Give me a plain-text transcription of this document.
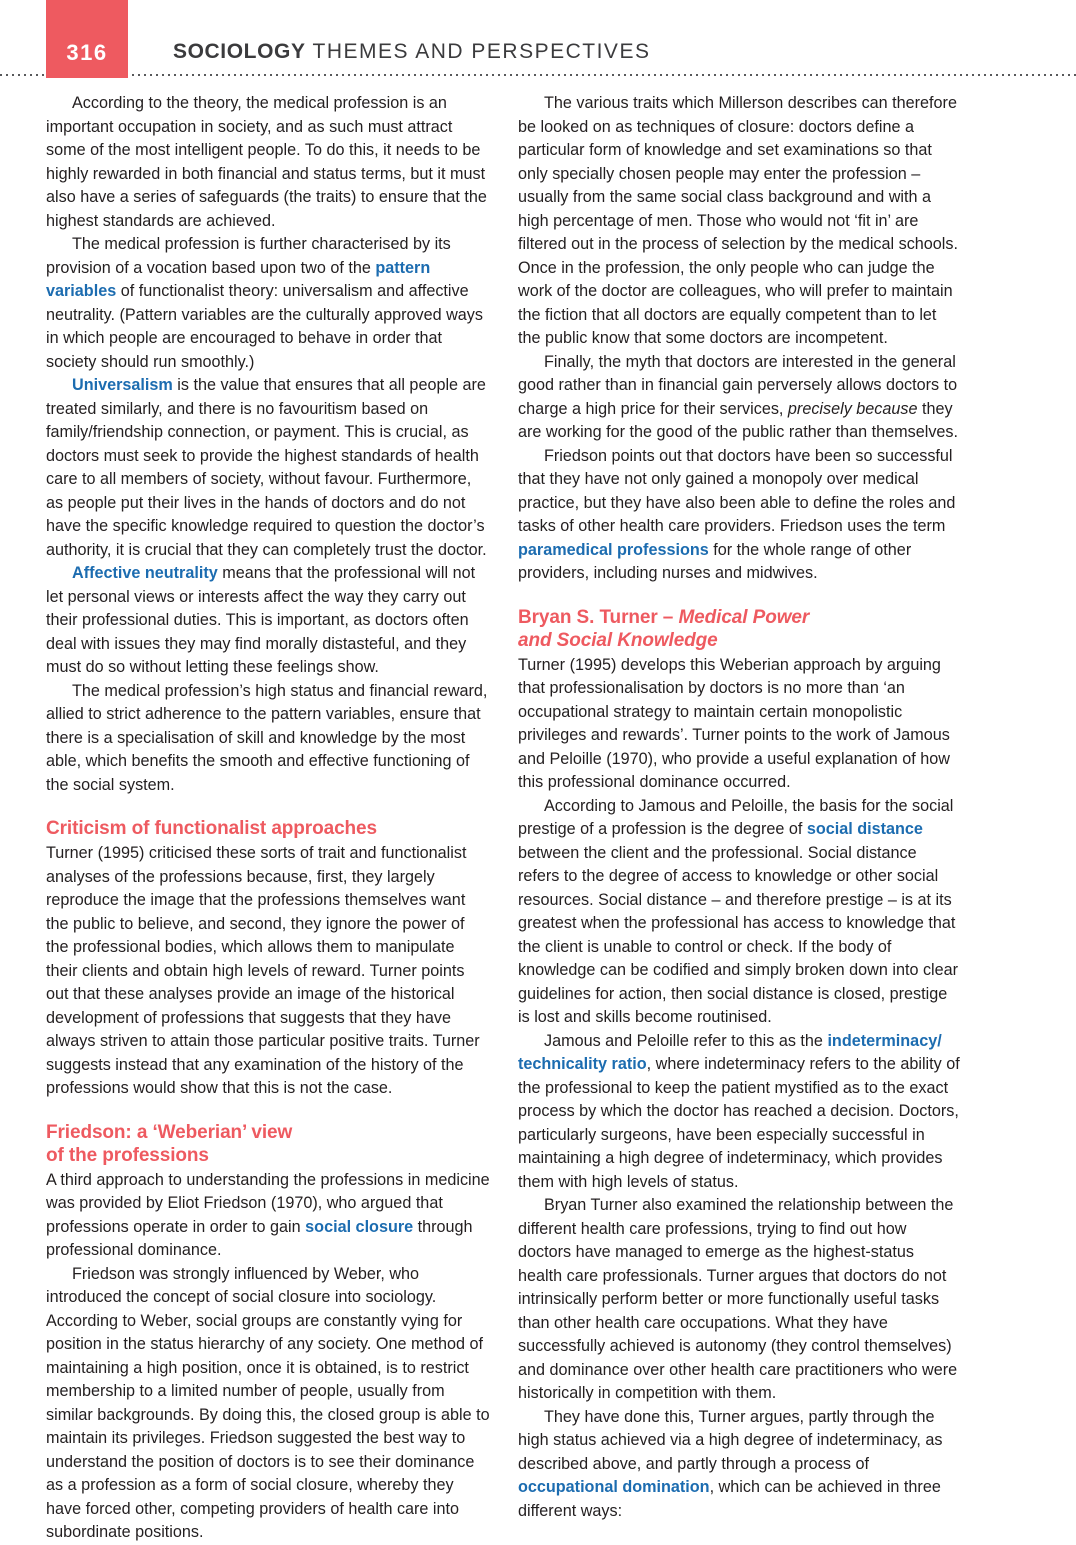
316	SOCIOLOGY THEMES AND PERSPECTIVES

According to the theory, the medical profession is an important occupation in society, and as such must attract some of the most intelligent people. To do this, it needs to be highly rewarded in both financial and status terms, but it must also have a series of safeguards (the traits) to ensure that the highest standards are achieved.

The medical profession is further characterised by its provision of a vocation based upon two of the pattern variables of functionalist theory: universalism and affective neutrality. (Pattern variables are the culturally approved ways in which people are encouraged to behave in order that society should run smoothly.)

Universalism is the value that ensures that all people are treated similarly, and there is no favouritism based on family/friendship connection, or payment. This is crucial, as doctors must seek to provide the highest standards of health care to all members of society, without favour. Furthermore, as people put their lives in the hands of doctors and do not have the specific knowledge required to question the doctor’s authority, it is crucial that they can completely trust the doctor.

Affective neutrality means that the professional will not let personal views or interests affect the way they carry out their professional duties. This is important, as doctors often deal with issues they may find morally distasteful, and they must do so without letting these feelings show.

The medical profession’s high status and financial reward, allied to strict adherence to the pattern variables, ensure that there is a specialisation of skill and knowledge by the most able, which benefits the smooth and effective functioning of the social system.

Criticism of functionalist approaches

Turner (1995) criticised these sorts of trait and functionalist analyses of the professions because, first, they largely reproduce the image that the professions themselves want the public to believe, and second, they ignore the power of the professional bodies, which allows them to manipulate their clients and obtain high levels of reward. Turner points out that these analyses provide an image of the historical development of professions that suggests that they have always striven to attain those particular positive traits. Turner suggests instead that any examination of the history of the professions would show that this is not the case.

Friedson: a ‘Weberian’ view
of the professions

A third approach to understanding the professions in medicine was provided by Eliot Friedson (1970), who argued that professions operate in order to gain social closure through professional dominance.

Friedson was strongly influenced by Weber, who introduced the concept of social closure into sociology. According to Weber, social groups are constantly vying for position in the status hierarchy of any society. One method of maintaining a high position, once it is obtained, is to restrict membership to a limited number of people, usually from similar backgrounds. By doing this, the closed group is able to maintain its privileges. Friedson suggested the best way to understand the position of doctors is to see their dominance as a profession as a form of social closure, whereby they have forced other, competing providers of health care into subordinate positions.

The various traits which Millerson describes can therefore be looked on as techniques of closure: doctors define a particular form of knowledge and set examinations so that only specially chosen people may enter the profession – usually from the same social class background and with a high percentage of men. Those who would not ‘fit in’ are filtered out in the process of selection by the medical schools. Once in the profession, the only people who can judge the work of the doctor are colleagues, who will prefer to maintain the fiction that all doctors are equally competent than to let the public know that some doctors are incompetent.

Finally, the myth that doctors are interested in the general good rather than in financial gain perversely allows doctors to charge a high price for their services, precisely because they are working for the good of the public rather than themselves.

Friedson points out that doctors have been so successful that they have not only gained a monopoly over medical practice, but they have also been able to define the roles and tasks of other health care providers. Friedson uses the term paramedical professions for the whole range of other providers, including nurses and midwives.

Bryan S. Turner – Medical Power
and Social Knowledge

Turner (1995) develops this Weberian approach by arguing that professionalisation by doctors is no more than ‘an occupational strategy to maintain certain monopolistic privileges and rewards’. Turner points to the work of Jamous and Peloille (1970), who provide a useful explanation of how this professional dominance occurred.

According to Jamous and Peloille, the basis for the social prestige of a profession is the degree of social distance between the client and the professional. Social distance refers to the degree of access to knowledge or other social resources. Social distance – and therefore prestige – is at its greatest when the professional has access to knowledge that the client is unable to control or check. If the body of knowledge can be codified and simply broken down into clear guidelines for action, then social distance is closed, prestige is lost and skills become routinised.

Jamous and Peloille refer to this as the indeterminacy/ technicality ratio, where indeterminacy refers to the ability of the professional to keep the patient mystified as to the exact process by which the doctor has reached a decision. Doctors, particularly surgeons, have been especially successful in maintaining a high degree of indeterminacy, which provides them with high levels of status.

Bryan Turner also examined the relationship between the different health care professions, trying to find out how doctors have managed to emerge as the highest-status health care professionals. Turner argues that doctors do not intrinsically perform better or more functionally useful tasks than other health care occupations. What they have successfully achieved is autonomy (they control themselves) and dominance over other health care practitioners who were historically in competition with them.

They have done this, Turner argues, partly through the high status achieved via a high degree of indeterminacy, as described above, and partly through a process of occupational domination, which can be achieved in three different ways:
